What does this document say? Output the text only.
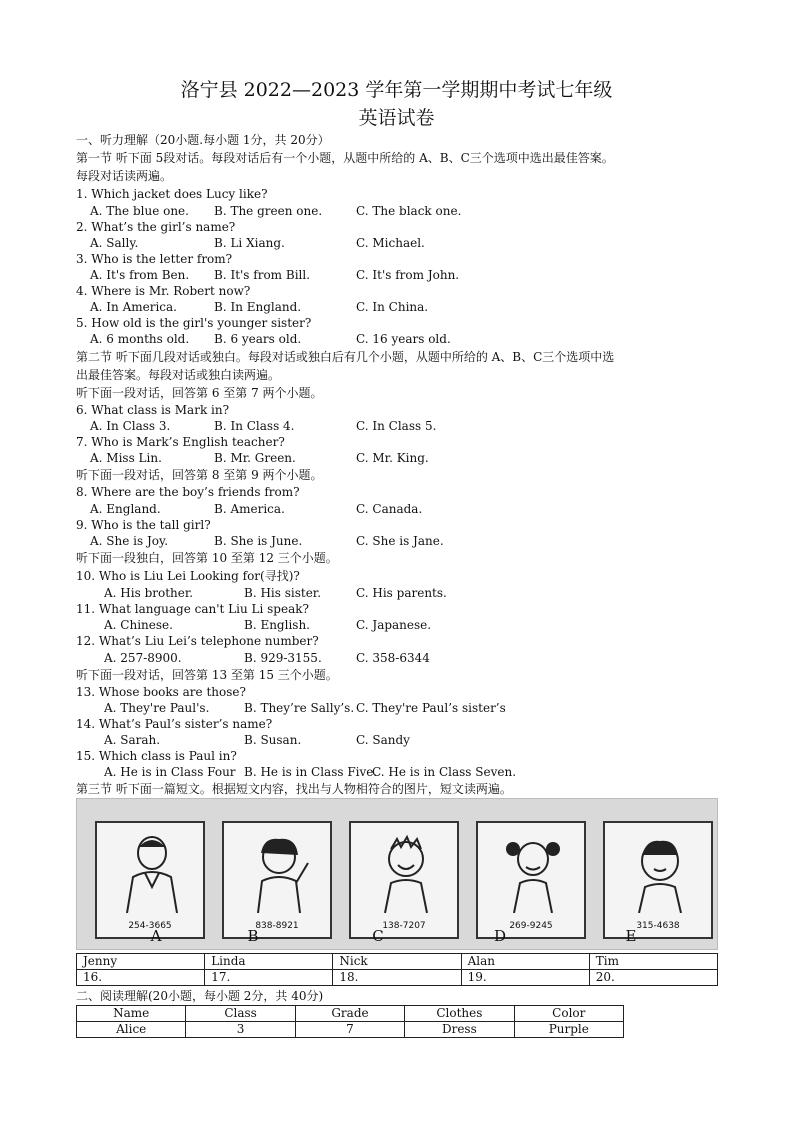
洛宁县 2022—2023 学年第一学期期中考试七年级
英语试卷
一、听力理解（20小题.每小题 1分，共 20分）
第一节 听下面 5段对话。每段对话后有一个小题，从题中所给的 A、B、C三个选项中选出最佳答案。
每段对话读两遍。
1. Which jacket does Lucy like?
A. The blue one. B. The green one.	C. The black one.
2. What’s the girl’s name?
A. Sally.	B. Li Xiang.	C. Michael.
3. Who is the letter from?
A. It's from Ben. B. It's from Bill.	C. It's from John.
4. Where is Mr. Robert now?
A. In America.	B. In England.	C. In China.
5. How old is the girl's younger sister?
A. 6 months old. B. 6 years old.	C. 16 years old.
第二节 听下面几段对话或独白。每段对话或独白后有几个小题，从题中所给的 A、B、C三个选项中选
出最佳答案。每段对话或独白读两遍。
听下面一段对话，回答第 6 至第 7 两个小题。
6. What class is Mark in?
A. In Class 3.	B. In Class 4.	C. In Class 5.
7. Who is Mark’s English teacher?
A. Miss Lin.	B. Mr. Green.	C. Mr. King.
听下面一段对话，回答第 8 至第 9 两个小题。
8. Where are the boy’s friends from?
A. England.	B. America.	C. Canada.
9. Who is the tall girl?
A. She is Joy.	B. She is June.	C. She is Jane.
听下面一段独白，回答第 10 至第 12 三个小题。
10. Who is Liu Lei Looking for(寻找)?
A. His brother.	B. His sister.	C. His parents.
11. What language can't Liu Li speak?
A. Chinese.	B. English.	C. Japanese.
12. What’s Liu Lei’s telephone number?
A. 257-8900.	B. 929-3155.	C. 358-6344
听下面一段对话，回答第 13 至第 15 三个小题。
13. Whose books are those?
A. They're Paul's.	B. They’re Sally’s. C. They're Paul’s sister’s
14. What’s Paul’s sister’s name?
A. Sarah.	B. Susan.	C. Sandy
15. Which class is Paul in?
A. He is in Class Four B. He is in Class Five.
C. He is in Class Seven.
第三节 听下面一篇短文。根据短文内容，找出与人物相符合的图片，短文读两遍。
254-3665	838-8921	138-7207	269-9245	315-4638
A	B	C	D	E
Jenny	Linda	Nick	Alan	Tim
16.	17.	18.	19.	20.
二、阅读理解(20小题，每小题 2分，共 40分)
Name	Class	Grade	Clothes	Color
Alice	3	7	Dress	Purple
